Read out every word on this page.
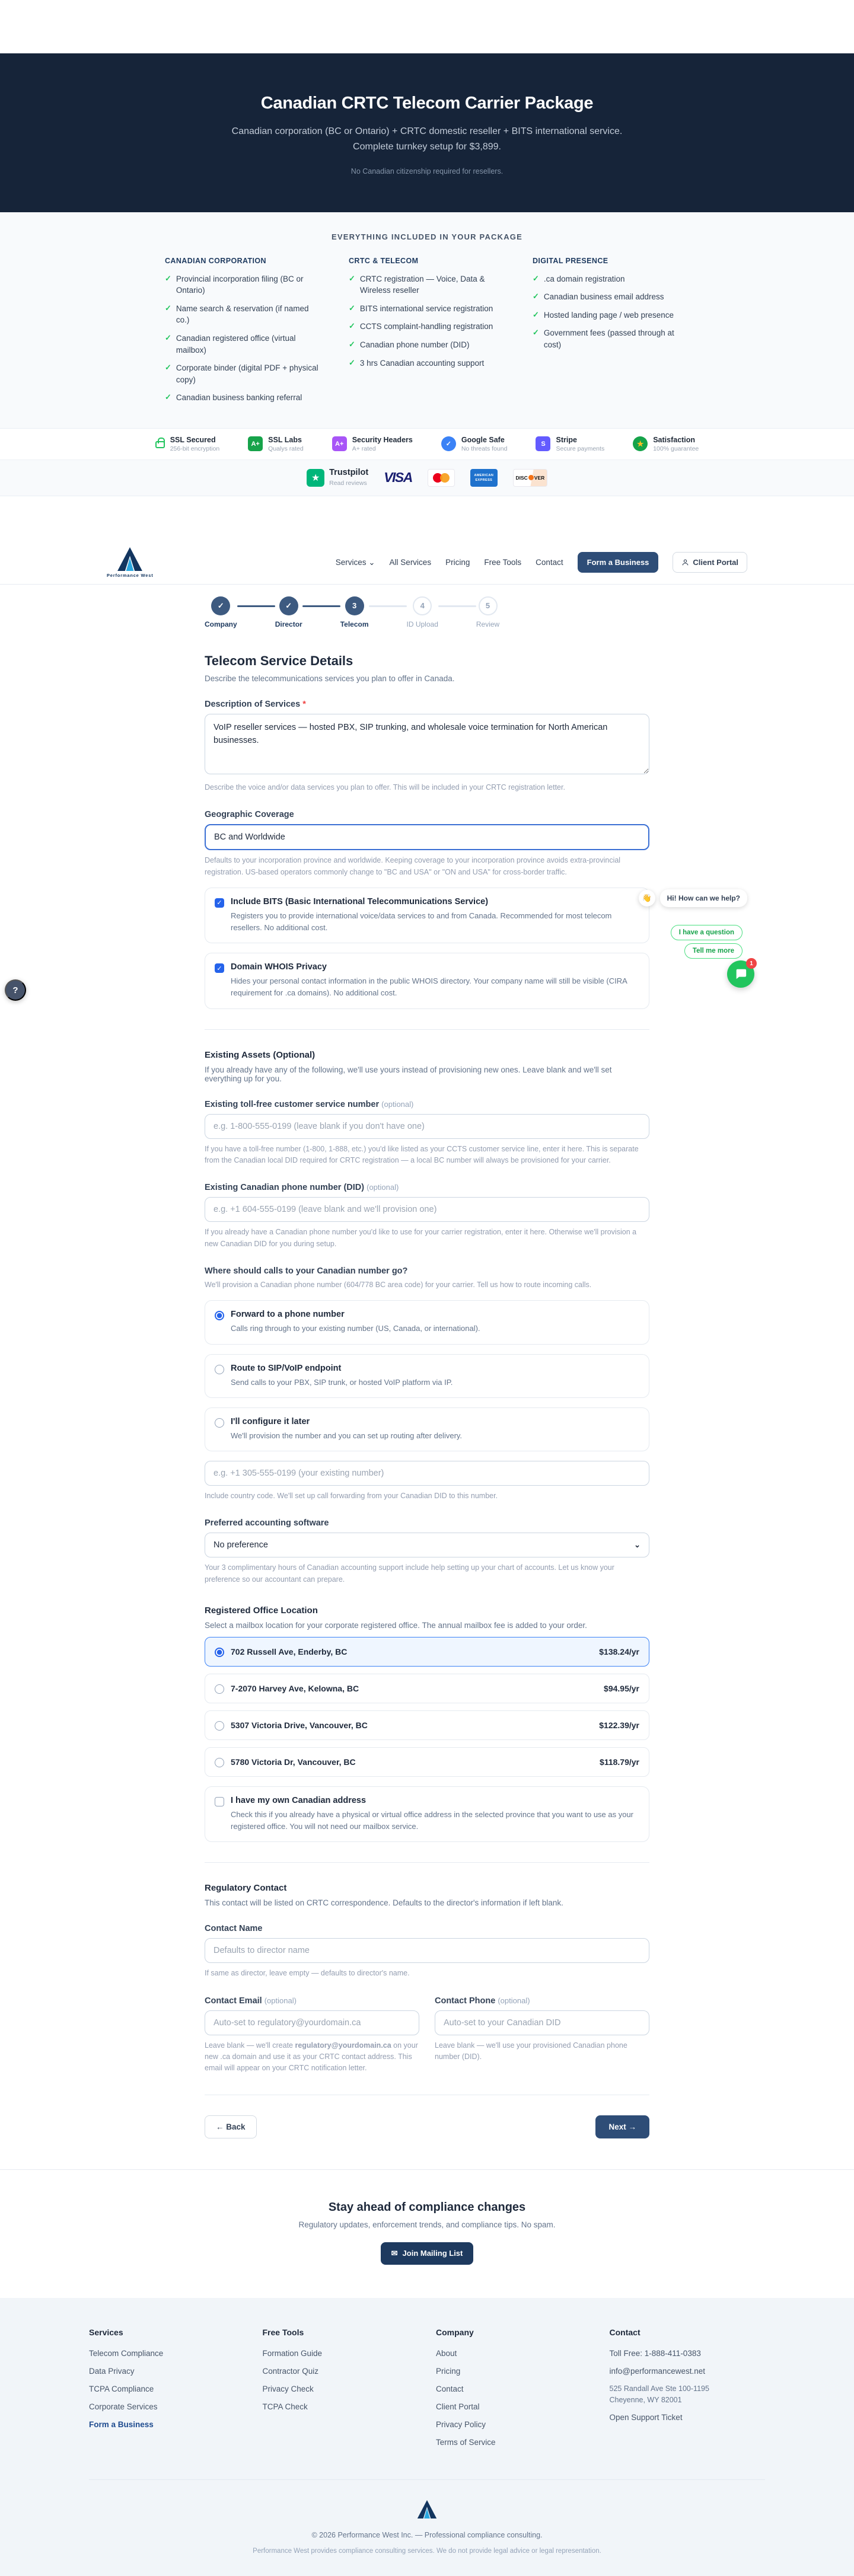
Canadian CRTC Telecom Carrier Package

Canadian corporation (BC or Ontario) + CRTC domestic reseller + BITS international service. Complete turnkey setup for $3,899.

No Canadian citizenship required for resellers.

EVERYTHING INCLUDED IN YOUR PACKAGE
CANADIAN CORPORATION
✓ Provincial incorporation filing (BC or Ontario)
✓ Name search & reservation (if named co.)
✓ Canadian registered office (virtual mailbox)
✓ Corporate binder (digital PDF + physical copy)
✓ Canadian business banking referral
CRTC & TELECOM
✓ CRTC registration — Voice, Data & Wireless reseller
✓ BITS international service registration
✓ CCTS complaint-handling registration
✓ Canadian phone number (DID)
✓ 3 hrs Canadian accounting support
DIGITAL PRESENCE
✓ .ca domain registration
✓ Canadian business email address
✓ Hosted landing page / web presence
✓ Government fees (passed through at cost)
SSL Secured
256-bit encryption
A+	SSL Labs
Qualys rated
A+	Security Headers
A+ rated
✓
Google Safe
No threats found
S	Stripe
Secure payments
★	Satisfaction
100% guarantee
★
Trustpilot
Read reviews VISA	AMERICAN
EXPRESS	DISC VER
Performance West
Services ⌄ All Services Pricing Free Tools Contact	Form a Business	Client Portal
✓
Company
✓
Director
3
Telecom
4
ID Upload
5
Review
Telecom Service Details

Describe the telecommunications services you plan to offer in Canada.

Description of Services *
VoIP reseller services — hosted PBX, SIP trunking, and wholesale voice termination for North American businesses.

Describe the voice and/or data services you plan to offer. This will be included in your CRTC registration letter.

Geographic Coverage
BC and Worldwide

Defaults to your incorporation province and worldwide. Keeping coverage to your incorporation province avoids extra-provincial registration. US-based operators commonly change to "BC and USA" or "ON and USA" for cross-border traffic.

✓ Include BITS (Basic International Telecommunications Service)
Registers you to provide international voice/data services to and from Canada. Recommended for most telecom resellers. No additional cost.
✓ Domain WHOIS Privacy
Hides your personal contact information in the public WHOIS directory. Your company name will still be visible (CIRA requirement for .ca domains). No additional cost.
Existing Assets (Optional)

If you already have any of the following, we'll use yours instead of provisioning new ones. Leave blank and we'll set everything up for you.

Existing toll-free customer service number (optional)
e.g. 1-800-555-0199 (leave blank if you don't have one)

If you have a toll-free number (1-800, 1-888, etc.) you'd like listed as your CCTS customer service line, enter it here. This is separate from the Canadian local DID required for CRTC registration — a local BC number will always be provisioned for your carrier.

Existing Canadian phone number (DID) (optional)
e.g. +1 604-555-0199 (leave blank and we'll provision one)

If you already have a Canadian phone number you'd like to use for your carrier registration, enter it here. Otherwise we'll provision a new Canadian DID for you during setup.

Where should calls to your Canadian number go?

We'll provision a Canadian phone number (604/778 BC area code) for your carrier. Tell us how to route incoming calls.

Forward to a phone number
Calls ring through to your existing number (US, Canada, or international).
Route to SIP/VoIP endpoint
Send calls to your PBX, SIP trunk, or hosted VoIP platform via IP.
I'll configure it later
We'll provision the number and you can set up routing after delivery.
e.g. +1 305-555-0199 (your existing number)

Include country code. We'll set up call forwarding from your Canadian DID to this number.

Preferred accounting software
No preference	⌄

Your 3 complimentary hours of Canadian accounting support include help setting up your chart of accounts. Let us know your preference so our accountant can prepare.

Registered Office Location

Select a mailbox location for your corporate registered office. The annual mailbox fee is added to your order.

702 Russell Ave, Enderby, BC	$138.24/yr
7-2070 Harvey Ave, Kelowna, BC	$94.95/yr
5307 Victoria Drive, Vancouver, BC	$122.39/yr
5780 Victoria Dr, Vancouver, BC	$118.79/yr
I have my own Canadian address
Check this if you already have a physical or virtual office address in the selected province that you want to use as your registered office. You will not need our mailbox service.
Regulatory Contact

This contact will be listed on CRTC correspondence. Defaults to the director's information if left blank.

Contact Name
Defaults to director name

If same as director, leave empty — defaults to director's name.

Contact Email (optional)
Auto-set to regulatory@yourdomain.ca

Leave blank — we'll create regulatory@yourdomain.ca on your new .ca domain and use it as your CRTC contact address. This email will appear on your CRTC notification letter.

Contact Phone (optional)
Auto-set to your Canadian DID

Leave blank — we'll use your provisioned Canadian phone number (DID).

← Back	Next →
Stay ahead of compliance changes

Regulatory updates, enforcement trends, and compliance tips. No spam.

✉ Join Mailing List
Services
Telecom Compliance
Data Privacy
TCPA Compliance
Corporate Services
Form a Business
Free Tools
Formation Guide
Contractor Quiz
Privacy Check
TCPA Check
Company
About
Pricing
Contact
Client Portal
Privacy Policy
Terms of Service
Contact
Toll Free: 1-888-411-0383
info@performancewest.net

525 Randall Ave Ste 100-1195

Cheyenne, WY 82001

Open Support Ticket

© 2026 Performance West Inc. — Professional compliance consulting.

Performance West provides compliance consulting services. We do not provide legal advice or legal representation.

👋	Hi! How can we help?
I have a question
Tell me more
1
?
